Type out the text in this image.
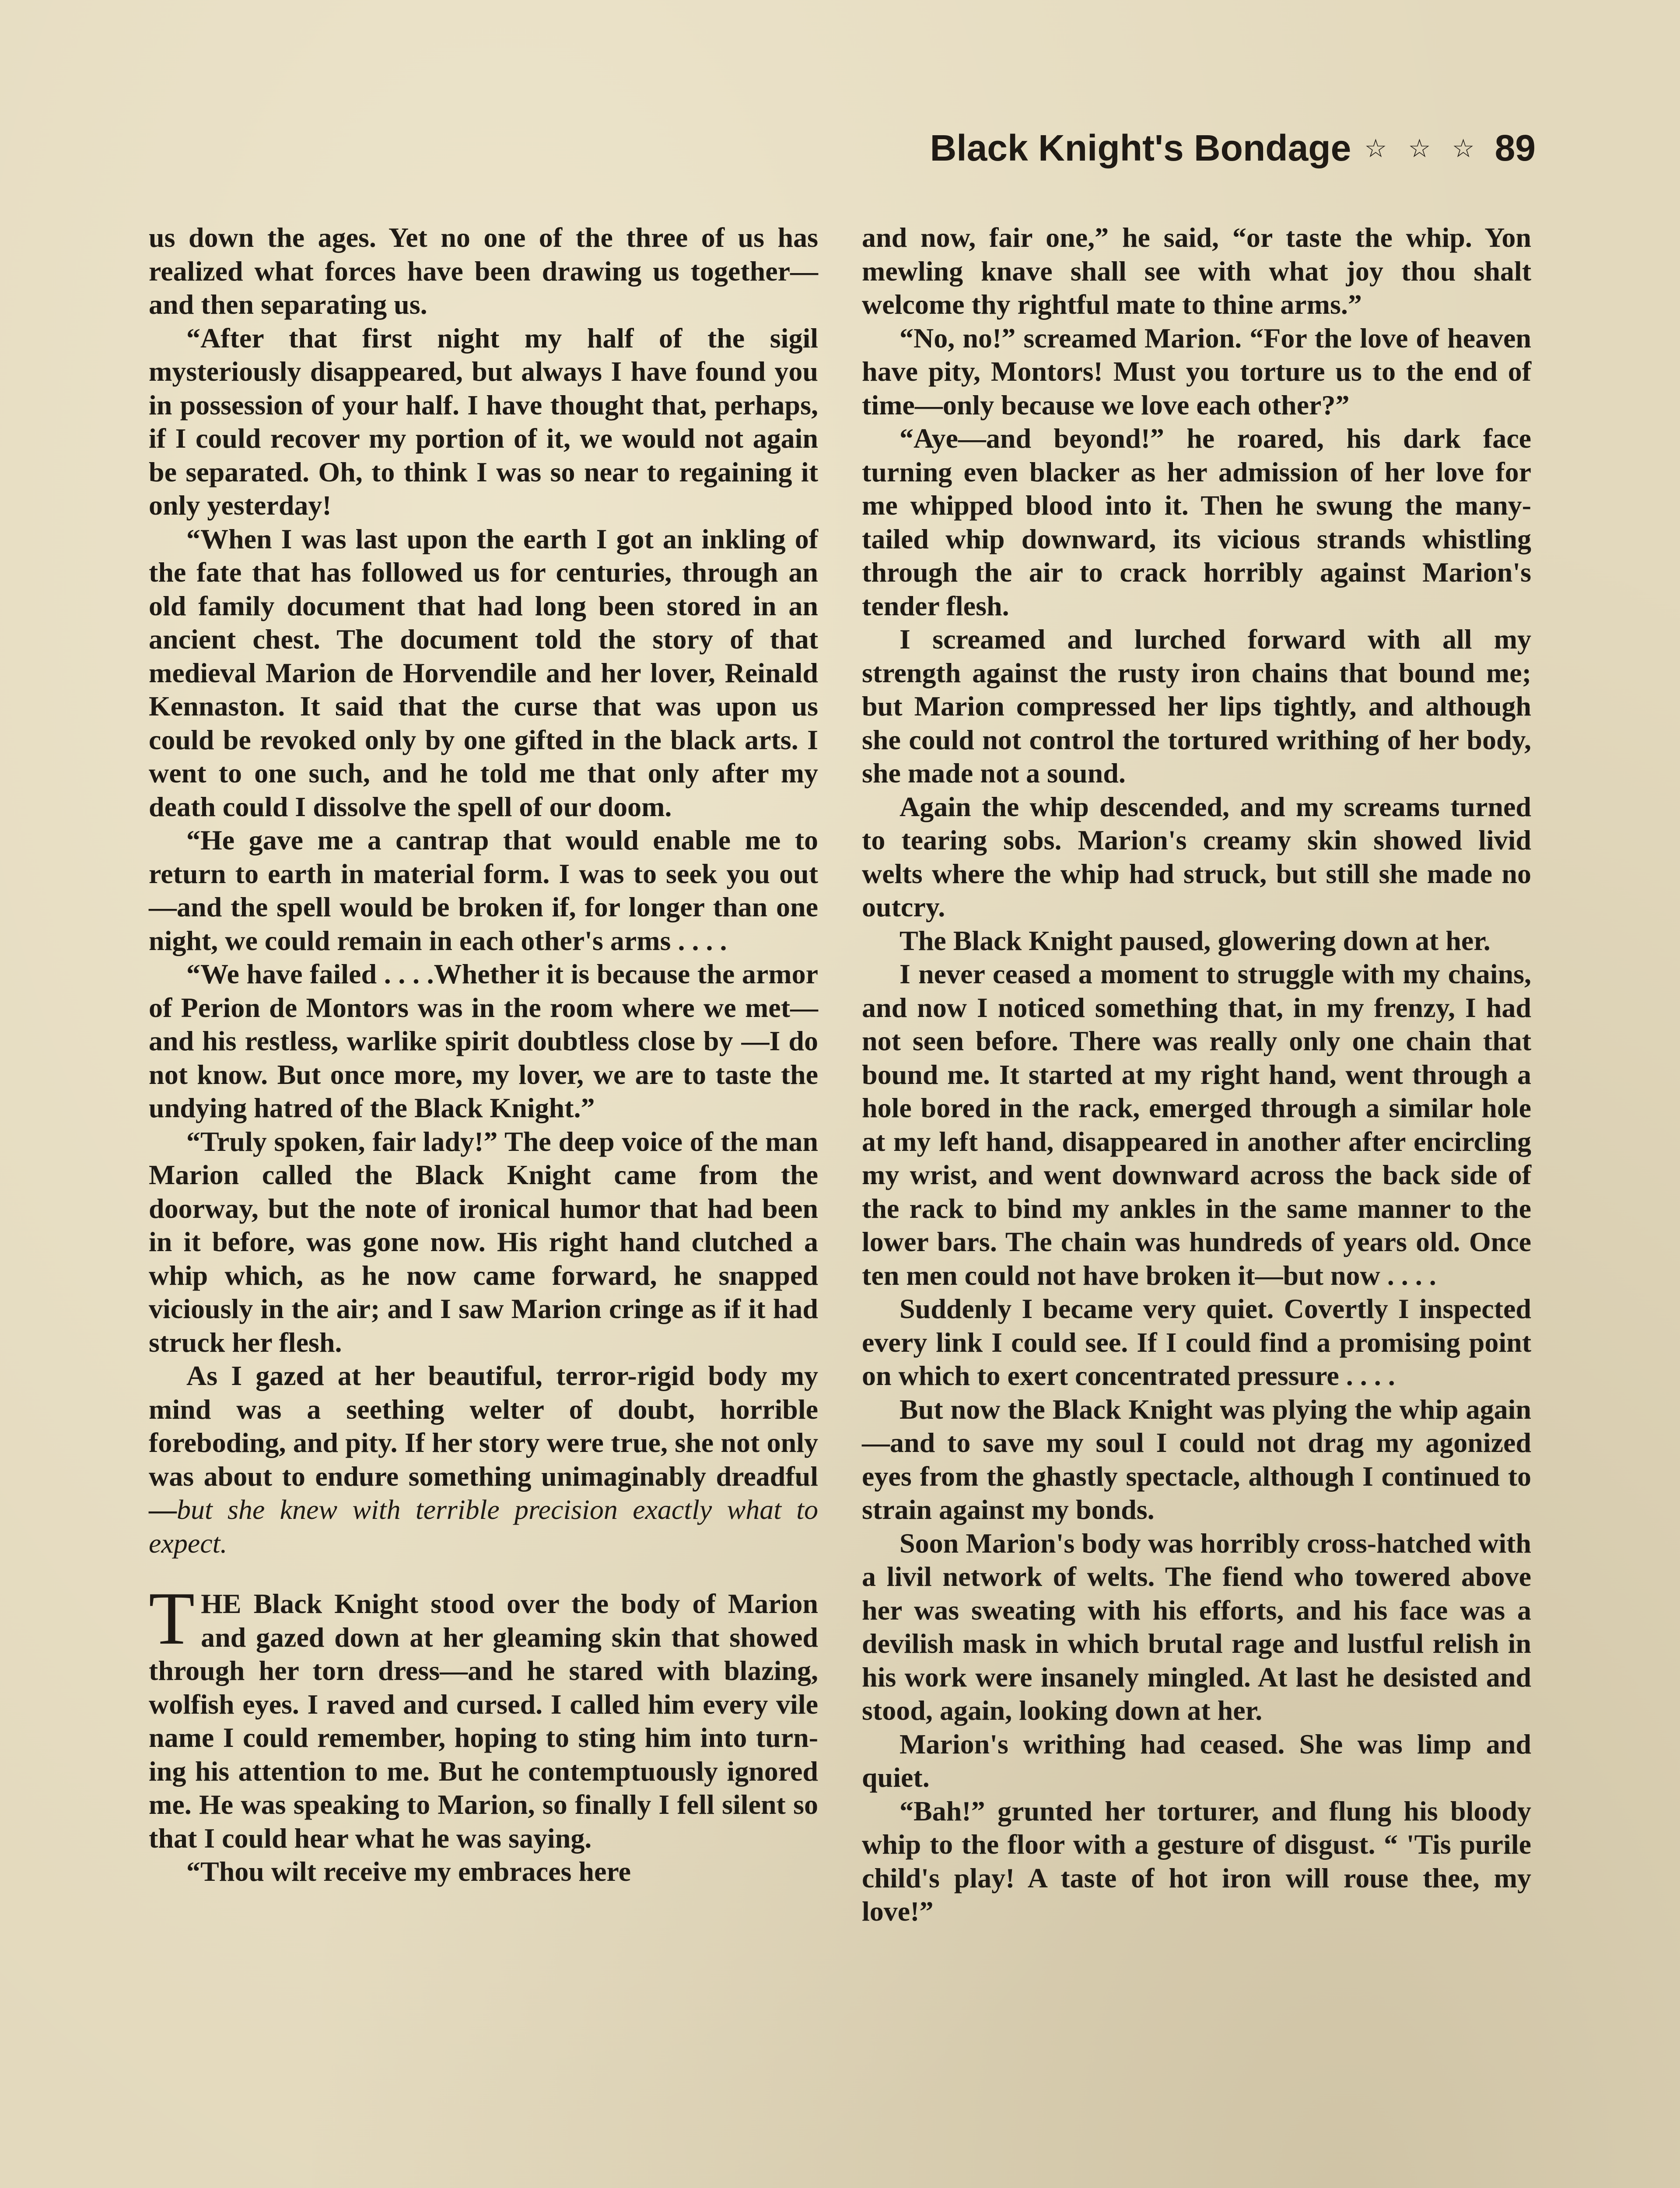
Black Knight's Bondage ☆ ☆ ☆ 89

us down the ages. Yet no one of the three of us has realized what forces have been drawing us together—and then separating us.

“After that first night my half of the sigil mysteriously disappeared, but always I have found you in possession of your half. I have thought that, perhaps, if I could recover my portion of it, we would not again be separated. Oh, to think I was so near to regaining it only yesterday!

“When I was last upon the earth I got an inkling of the fate that has followed us for centuries, through an old family document that had long been stored in an ancient chest. The document told the story of that medieval Marion de Horvendile and her lover, Reinald Kennaston. It said that the curse that was upon us could be revoked only by one gifted in the black arts. I went to one such, and he told me that only after my death could I dissolve the spell of our doom.

“He gave me a cantrap that would enable me to return to earth in material form. I was to seek you out—and the spell would be broken if, for longer than one night, we could remain in each other's arms . . . .

“We have failed . . . .Whether it is because the armor of Perion de Montors was in the room where we met—and his restless, warlike spirit doubtless close by —I do not know. But once more, my lover, we are to taste the undying hatred of the Black Knight.”

“Truly spoken, fair lady!” The deep voice of the man Marion called the Black Knight came from the doorway, but the note of ironical humor that had been in it before, was gone now. His right hand clutched a whip which, as he now came forward, he snapped viciously in the air; and I saw Marion cringe as if it had struck her flesh.

As I gazed at her beautiful, terror-rigid body my mind was a seething welter of doubt, horrible foreboding, and pity. If her story were true, she not only was about to endure something unimaginably dreadful—but she knew with terrible precision exactly what to expect.

THE Black Knight stood over the body of Marion and gazed down at her gleaming skin that showed through her torn dress—and he stared with blazing, wolfish eyes. I raved and cursed. I called him every vile name I could remember, hoping to sting him into turning his attention to me. But he contemptuously ignored me. He was speaking to Marion, so finally I fell silent so that I could hear what he was saying.

“Thou wilt receive my embraces here

and now, fair one,” he said, “or taste the whip. Yon mewling knave shall see with what joy thou shalt welcome thy rightful mate to thine arms.”

“No, no!” screamed Marion. “For the love of heaven have pity, Montors! Must you torture us to the end of time—only because we love each other?”

“Aye—and beyond!” he roared, his dark face turning even blacker as her admission of her love for me whipped blood into it. Then he swung the many-tailed whip downward, its vicious strands whistling through the air to crack horribly against Marion's tender flesh.

I screamed and lurched forward with all my strength against the rusty iron chains that bound me; but Marion compressed her lips tightly, and although she could not control the tortured writhing of her body, she made not a sound.

Again the whip descended, and my screams turned to tearing sobs. Marion's creamy skin showed livid welts where the whip had struck, but still she made no outcry.

The Black Knight paused, glowering down at her.

I never ceased a moment to struggle with my chains, and now I noticed something that, in my frenzy, I had not seen before. There was really only one chain that bound me. It started at my right hand, went through a hole bored in the rack, emerged through a similar hole at my left hand, disappeared in another after encircling my wrist, and went downward across the back side of the rack to bind my ankles in the same manner to the lower bars. The chain was hundreds of years old. Once ten men could not have broken it—but now . . . .

Suddenly I became very quiet. Covertly I inspected every link I could see. If I could find a promising point on which to exert concentrated pressure . . . .

But now the Black Knight was plying the whip again—and to save my soul I could not drag my agonized eyes from the ghastly spectacle, although I continued to strain against my bonds.

Soon Marion's body was horribly cross-hatched with a livil network of welts. The fiend who towered above her was sweating with his efforts, and his face was a devilish mask in which brutal rage and lustful relish in his work were insanely mingled. At last he desisted and stood, again, looking down at her.

Marion's writhing had ceased. She was limp and quiet.

“Bah!” grunted her torturer, and flung his bloody whip to the floor with a gesture of disgust. “ 'Tis purile child's play! A taste of hot iron will rouse thee, my love!”
